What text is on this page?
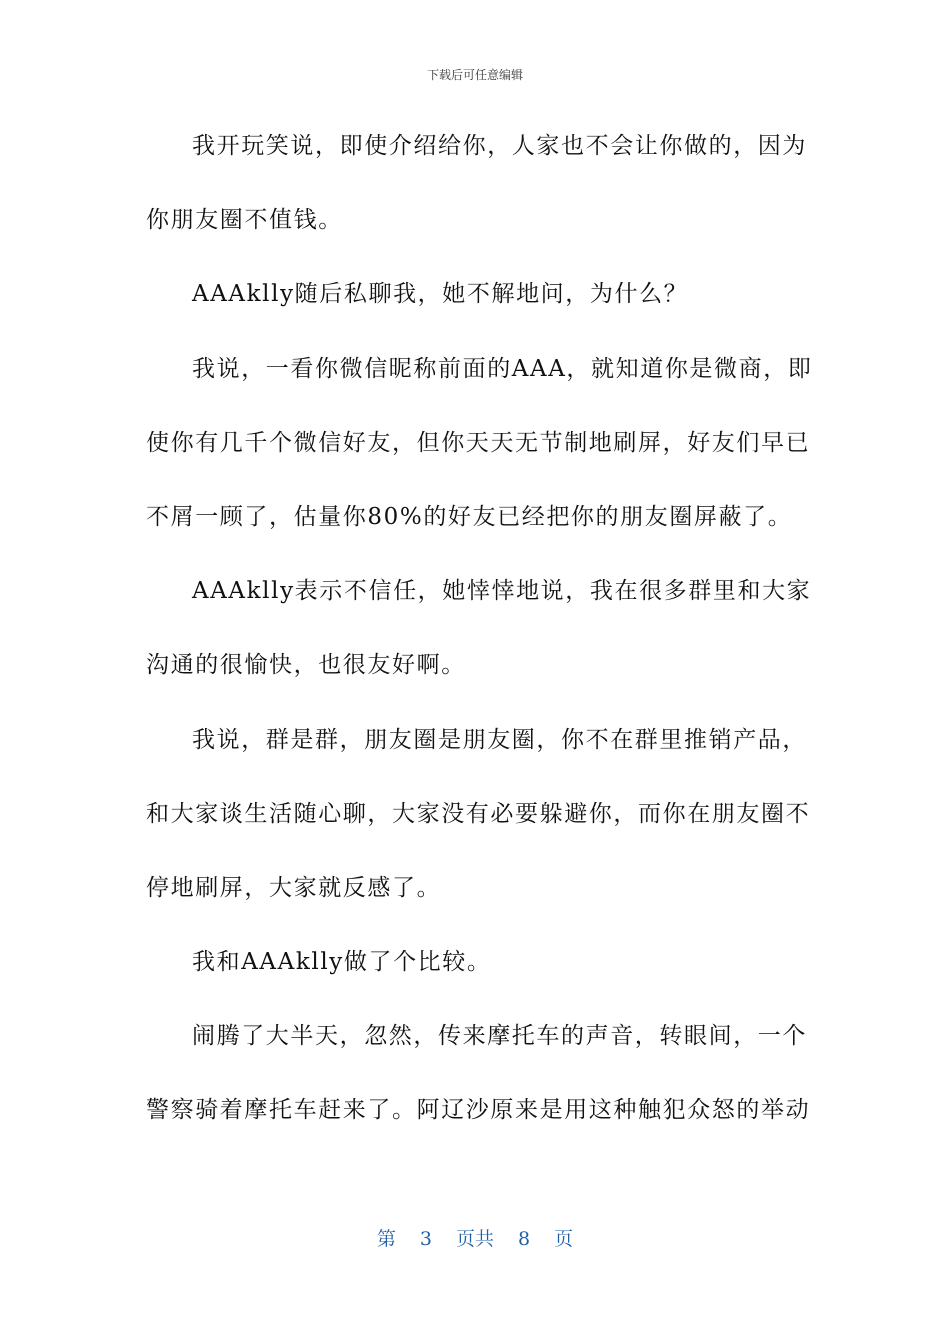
下载后可任意编辑
我开玩笑说，即使介绍给你，人家也不会让你做的，因为
你朋友圈不值钱。
AAAklly随后私聊我，她不解地问，为什么？
我说，一看你微信昵称前面的AAA，就知道你是微商，即
使你有几千个微信好友，但你天天无节制地刷屏，好友们早已
不屑一顾了，估量你80%的好友已经把你的朋友圈屏蔽了。
AAAklly表示不信任，她悻悻地说，我在很多群里和大家
沟通的很愉快，也很友好啊。
我说，群是群，朋友圈是朋友圈，你不在群里推销产品，
和大家谈生活随心聊，大家没有必要躲避你，而你在朋友圈不
停地刷屏，大家就反感了。
我和AAAklly做了个比较。
闹腾了大半天，忽然，传来摩托车的声音，转眼间，一个
警察骑着摩托车赶来了。阿辽沙原来是用这种触犯众怒的举动
第 3 页共 8 页
